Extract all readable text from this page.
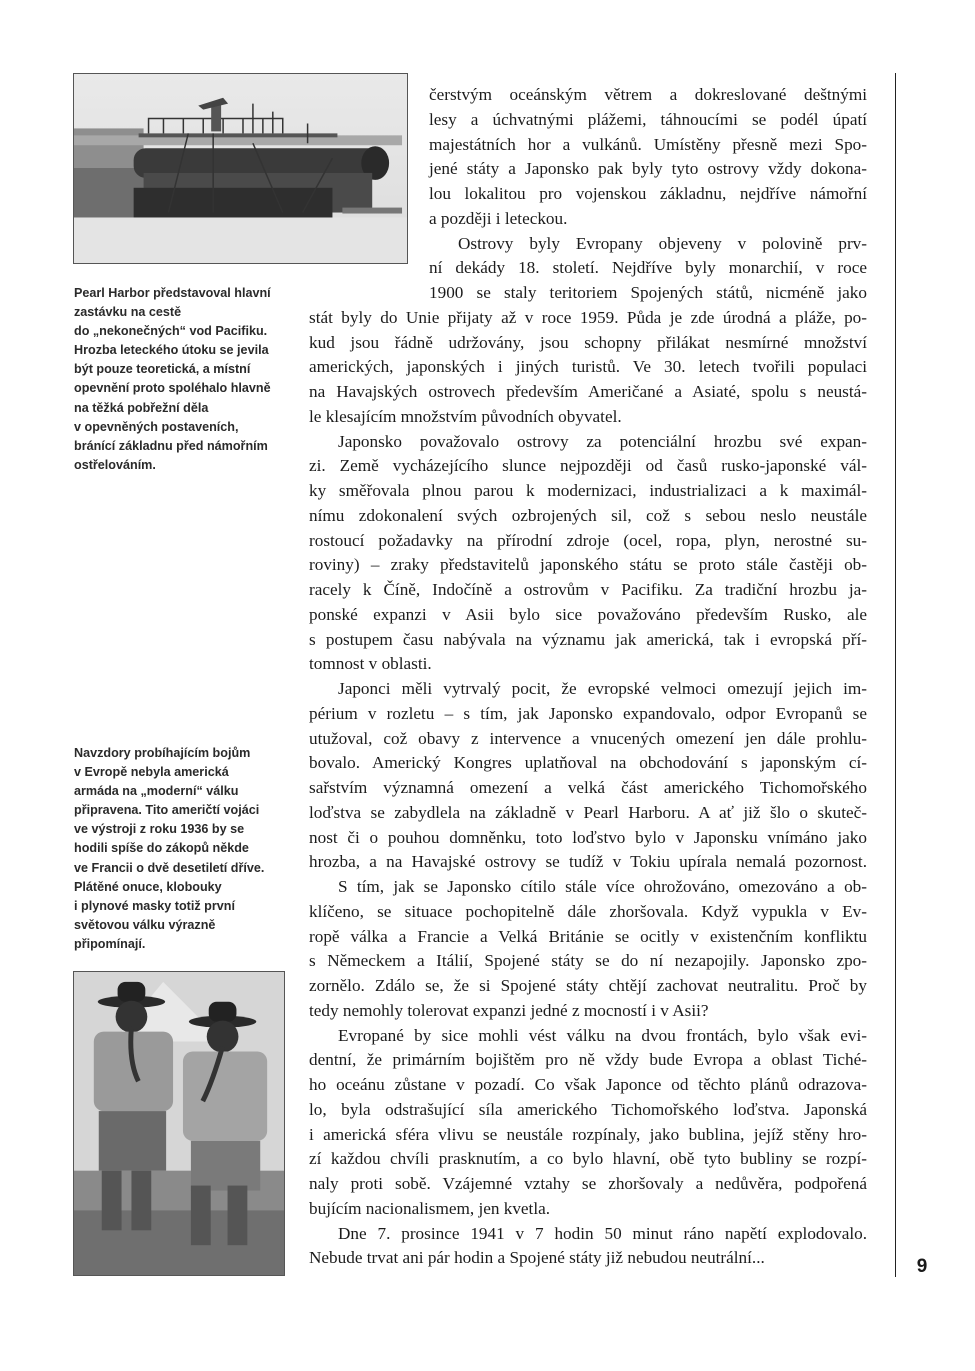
Pearl Harbor představoval hlavní
zastávku na cestě
do „nekonečných“ vod Pacifiku.
Hrozba leteckého útoku se jevila
být pouze teoretická, a místní
opevnění proto spoléhalo hlavně
na těžká pobřežní děla
v opevněných postaveních,
bránící základnu před námořním
ostřelováním.

Navzdory probíhajícím bojům
v Evropě nebyla americká
armáda na „moderní“ válku
připravena. Tito američtí vojáci
ve výstroji z roku 1936 by se
hodili spíše do zákopů někde
ve Francii o dvě desetiletí dříve.
Plátěné onuce, klobouky
i plynové masky totiž první
světovou válku výrazně
připomínají.

čerstvým oceánským větrem a dokreslované deštnými
lesy a úchvatnými plážemi, táhnoucími se podél úpatí
majestátních hor a vulkánů. Umístěny přesně mezi Spo-
jené státy a Japonsko pak byly tyto ostrovy vždy dokona-
lou lokalitou pro vojenskou základnu, nejdříve námořní
a později i leteckou.
Ostrovy byly Evropany objeveny v polovině prv-
ní dekády 18. století. Nejdříve byly monarchií, v roce
1900 se staly teritoriem Spojených států, nicméně jako
stát byly do Unie přijaty až v roce 1959. Půda je zde úrodná a pláže, po-
kud jsou řádně udržovány, jsou schopny přilákat nesmírné množství
amerických, japonských i jiných turistů. Ve 30. letech tvořili populaci
na Havajských ostrovech především Američané a Asiaté, spolu s neustá-
le klesajícím množstvím původních obyvatel.
Japonsko považovalo ostrovy za potenciální hrozbu své expan-
zi. Země vycházejícího slunce nejpozději od časů rusko-japonské vál-
ky směřovala plnou parou k modernizaci, industrializaci a k maximál-
nímu zdokonalení svých ozbrojených sil, což s sebou neslo neustále
rostoucí požadavky na přírodní zdroje (ocel, ropa, plyn, nerostné su-
roviny) – zraky představitelů japonského státu se proto stále častěji ob-
racely k Číně, Indočíně a ostrovům v Pacifiku. Za tradiční hrozbu ja-
ponské expanzi v Asii bylo sice považováno především Rusko, ale
s postupem času nabývala na významu jak americká, tak i evropská pří-
tomnost v oblasti.
Japonci měli vytrvalý pocit, že evropské velmoci omezují jejich im-
périum v rozletu – s tím, jak Japonsko expandovalo, odpor Evropanů se
utužoval, což obavy z intervence a vnucených omezení jen dále prohlu-
bovalo. Americký Kongres uplatňoval na obchodování s japonským cí-
sařstvím významná omezení a velká část amerického Tichomořského
loďstva se zabydlela na základně v Pearl Harboru. A ať již šlo o skuteč-
nost či o pouhou domněnku, toto loďstvo bylo v Japonsku vnímáno jako
hrozba, a na Havajské ostrovy se tudíž v Tokiu upírala nemalá pozornost.
S tím, jak se Japonsko cítilo stále více ohrožováno, omezováno a ob-
klíčeno, se situace pochopitelně dále zhoršovala. Když vypukla v Ev-
ropě válka a Francie a Velká Británie se ocitly v existenčním konfliktu
s Německem a Itálií, Spojené státy se do ní nezapojily. Japonsko zpo-
zornělo. Zdálo se, že si Spojené státy chtějí zachovat neutralitu. Proč by
tedy nemohly tolerovat expanzi jedné z mocností i v Asii?
Evropané by sice mohli vést válku na dvou frontách, bylo však evi-
dentní, že primárním bojištěm pro ně vždy bude Evropa a oblast Tiché-
ho oceánu zůstane v pozadí. Co však Japonce od těchto plánů odrazova-
lo, byla odstrašující síla amerického Tichomořského loďstva. Japonská
i americká sféra vlivu se neustále rozpínaly, jako bublina, jejíž stěny hro-
zí každou chvíli prasknutím, a co bylo hlavní, obě tyto bubliny se rozpí-
naly proti sobě. Vzájemné vztahy se zhoršovaly a nedůvěra, podpořená
bujícím nacionalismem, jen kvetla.
Dne 7. prosince 1941 v 7 hodin 50 minut ráno napětí explodovalo.
Nebude trvat ani pár hodin a Spojené státy již nebudou neutrální...	9
